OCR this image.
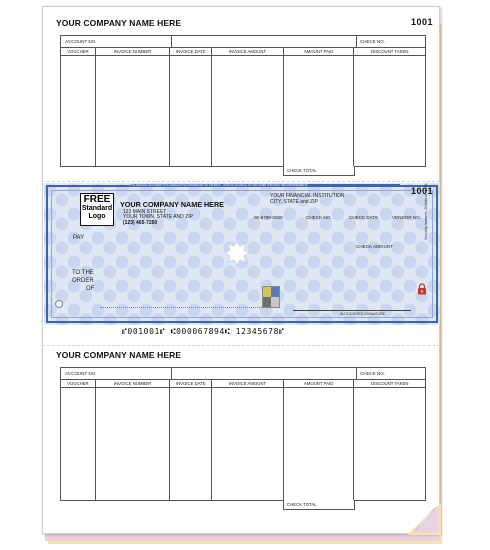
YOUR COMPANY NAME HERE	1001
ACCOUNT NO.	CHECK NO.
VOUCHER	INVOICE NUMBER	INVOICE DATE	INVOICE AMOUNT	AMOUNT PAID	DISCOUNT TAKEN
CHECK TOTAL
THE ORIGINAL DOCUMENT HAS A REFLECTIVE WATERMARK ON THE BACK · HOLD AT AN ANGLE TO VIEW WHEN CHECKING THE ENDORSEMENTS
FREE
Standard
Logo
YOUR COMPANY NAME HERE
123 MAIN STREET
YOUR TOWN, STATE AND ZIP
(123) 465-7250
YOUR FINANCIAL INSTITUTION
CITY, STATE and ZIP
1001
00-6789-0000	CHECK NO.	CHECK DATE	VENDOR NO.
CHECK AMOUNT
PAY
TO THE
ORDER
OF
AUTHORIZED SIGNATURE
Security features. Details on back.
⑈001001⑈ ⑆000067894⑆ 12345678⑈
YOUR COMPANY NAME HERE
ACCOUNT NO.	CHECK NO.
VOUCHER	INVOICE NUMBER	INVOICE DATE	INVOICE AMOUNT	AMOUNT PAID	DISCOUNT TAKEN
CHECK TOTAL
